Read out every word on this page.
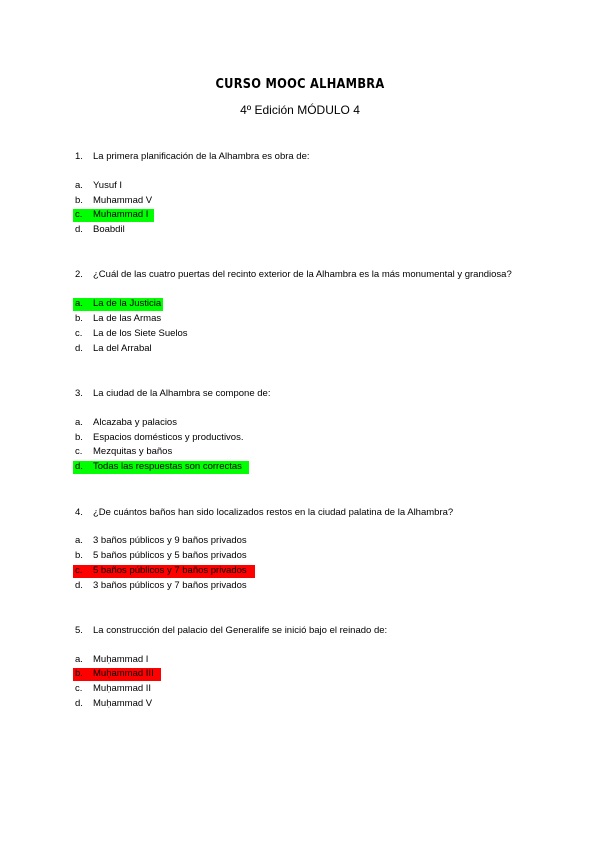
CURSO MOOC ALHAMBRA
4º Edición MÓDULO 4
1. La primera planificación de la Alhambra es obra de:
a. Yusuf I
b. Muhammad V
c. Muhammad I
d. Boabdil
2. ¿Cuál de las cuatro puertas del recinto exterior de la Alhambra es la más monumental y grandiosa?
a. La de la Justicia
b. La de las Armas
c. La de los Siete Suelos
d. La del Arrabal
3. La ciudad de la Alhambra se compone de:
a. Alcazaba y palacios
b. Espacios domésticos y productivos.
c. Mezquitas y baños
d. Todas las respuestas son correctas
4. ¿De cuántos baños han sido localizados restos en la ciudad palatina de la Alhambra?
a. 3 baños públicos y 9 baños privados
b. 5 baños públicos y 5 baños privados
c. 5 baños públicos y 7 baños privados
d. 3 baños públicos y 7 baños privados
5. La construcción del palacio del Generalife se inició bajo el reinado de:
a. Muḥammad I
b. Muḥammad III
c. Muḥammad II
d. Muḥammad V
